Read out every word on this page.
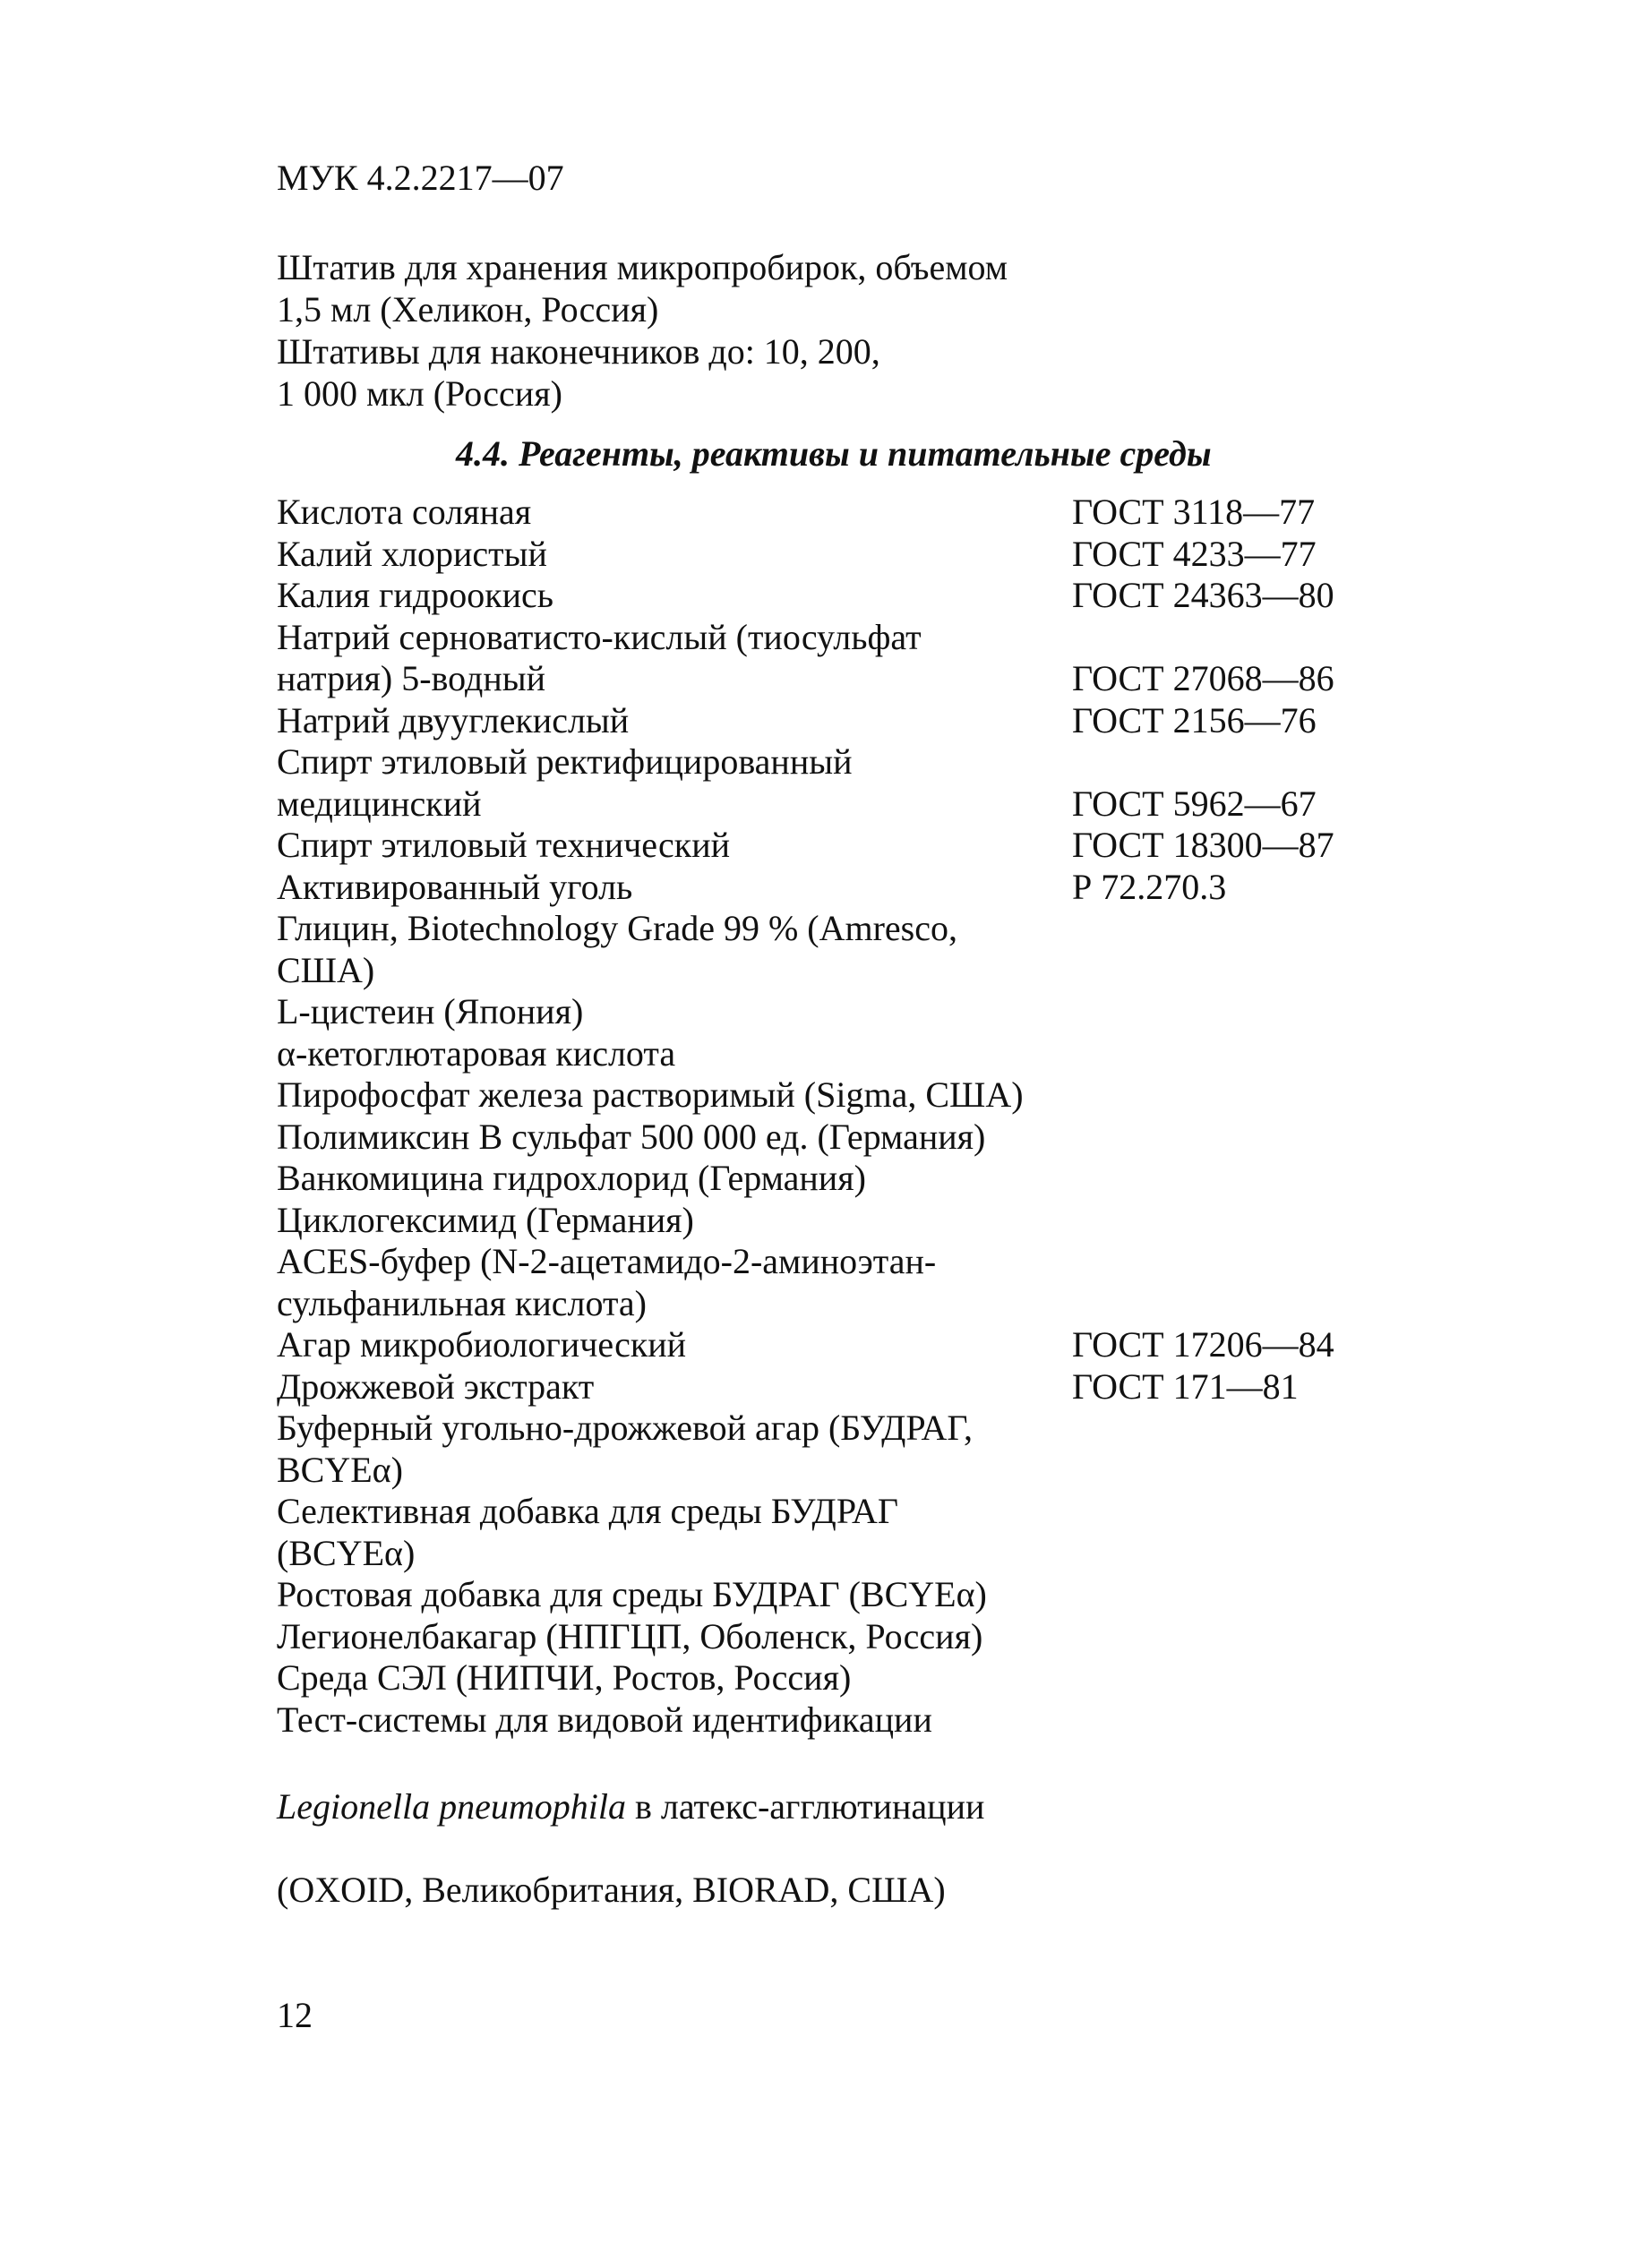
МУК 4.2.2217—07
Штатив для хранения микропробирок, объемом
1,5 мл (Хеликон, Россия)
Штативы для наконечников до: 10, 200,
1 000 мкл (Россия)
4.4. Реагенты, реактивы и питательные среды
Кислота соляная	ГОСТ 3118—77
Калий хлористый	ГОСТ 4233—77
Калия гидроокись	ГОСТ 24363—80
Натрий серноватисто-кислый (тиосульфат
натрия) 5-водный	ГОСТ 27068—86
Натрий двууглекислый	ГОСТ 2156—76
Спирт этиловый ректифицированный
медицинский	ГОСТ 5962—67
Спирт этиловый технический	ГОСТ 18300—87
Активированный уголь	Р 72.270.3
Глицин, Biotechnology Grade 99 % (Amresco,
США)
L-цистеин (Япония)
α-кетоглютаровая кислота
Пирофосфат железа растворимый (Sigma, США)
Полимиксин В сульфат 500 000 ед. (Германия)
Ванкомицина гидрохлорид (Германия)
Циклогексимид (Германия)
ACES-буфер (N-2-ацетамидо-2-аминоэтан-
сульфанильная кислота)
Агар микробиологический	ГОСТ 17206—84
Дрожжевой экстракт	ГОСТ 171—81
Буферный угольно-дрожжевой агар (БУДРАГ,
BCYEα)
Селективная добавка для среды БУДРАГ
(BCYEα)
Ростовая добавка для среды БУДРАГ (BCYEα)
Легионелбакагар (НПГЦП, Оболенск, Россия)
Среда СЭЛ (НИПЧИ, Ростов, Россия)
Тест-системы для видовой идентификации

Legionella pneumophila в латекс-агглютинации

(OXOID, Великобритания, BIORAD, США)

12
